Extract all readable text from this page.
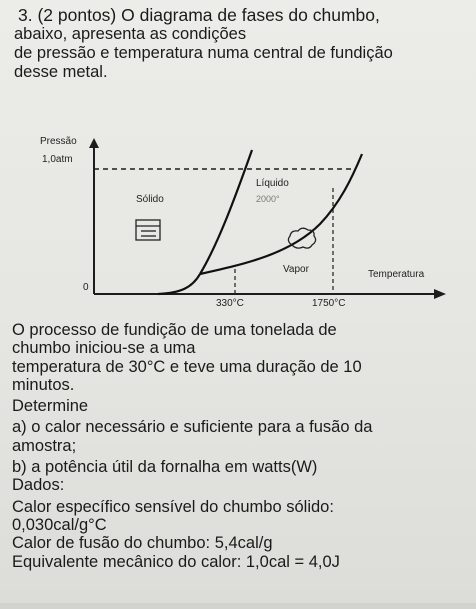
3. (2 pontos) O diagrama de fases do chumbo,
abaixo, apresenta as condições
de pressão e temperatura numa central de fundição
desse metal.
Pressão
1,0atm
0
Sólido
Líquido
2000°
Vapor	Temperatura
330°C	1750°C

O processo de fundição de uma tonelada de

chumbo iniciou-se a uma

temperatura de 30°C e teve uma duração de 10

minutos.

Determine

a) o calor necessário e suficiente para a fusão da

amostra;

b) a potência útil da fornalha em watts(W)

Dados:

Calor específico sensível do chumbo sólido:

0,030cal/g°C

Calor de fusão do chumbo: 5,4cal/g

Equivalente mecânico do calor: 1,0cal = 4,0J
